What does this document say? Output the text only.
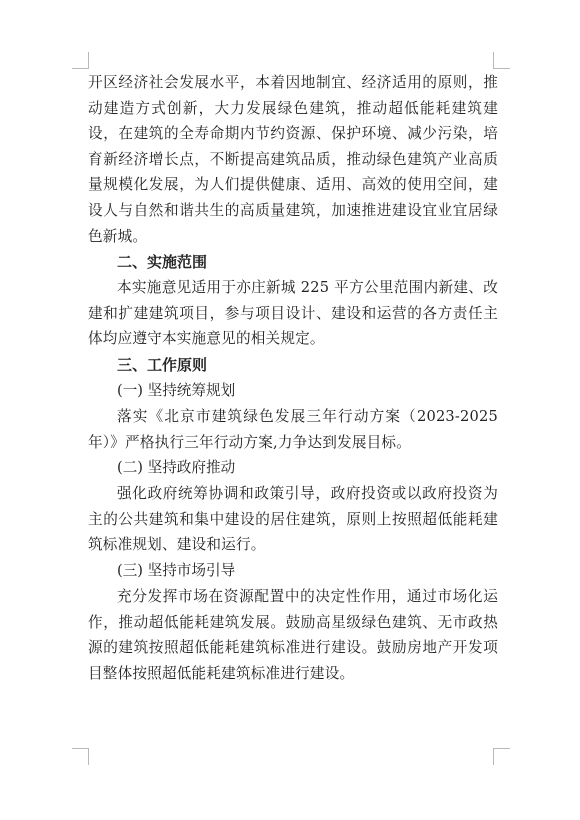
开区经济社会发展水平，本着因地制宜、经济适用的原则，推动建造方式创新，大力发展绿色建筑，推动超低能耗建筑建设，在建筑的全寿命期内节约资源、保护环境、减少污染，培育新经济增长点，不断提高建筑品质，推动绿色建筑产业高质量规模化发展，为人们提供健康、适用、高效的使用空间，建设人与自然和谐共生的高质量建筑，加速推进建设宜业宜居绿色新城。

二、实施范围

本实施意见适用于亦庄新城 225 平方公里范围内新建、改建和扩建建筑项目，参与项目设计、建设和运营的各方责任主体均应遵守本实施意见的相关规定。

三、工作原则

(一) 坚持统筹规划

落实《北京市建筑绿色发展三年行动方案（2023-2025年）》严格执行三年行动方案,力争达到发展目标。

(二) 坚持政府推动

强化政府统筹协调和政策引导，政府投资或以政府投资为主的公共建筑和集中建设的居住建筑，原则上按照超低能耗建筑标准规划、建设和运行。

(三) 坚持市场引导

充分发挥市场在资源配置中的决定性作用，通过市场化运作，推动超低能耗建筑发展。鼓励高星级绿色建筑、无市政热源的建筑按照超低能耗建筑标准进行建设。鼓励房地产开发项目整体按照超低能耗建筑标准进行建设。
